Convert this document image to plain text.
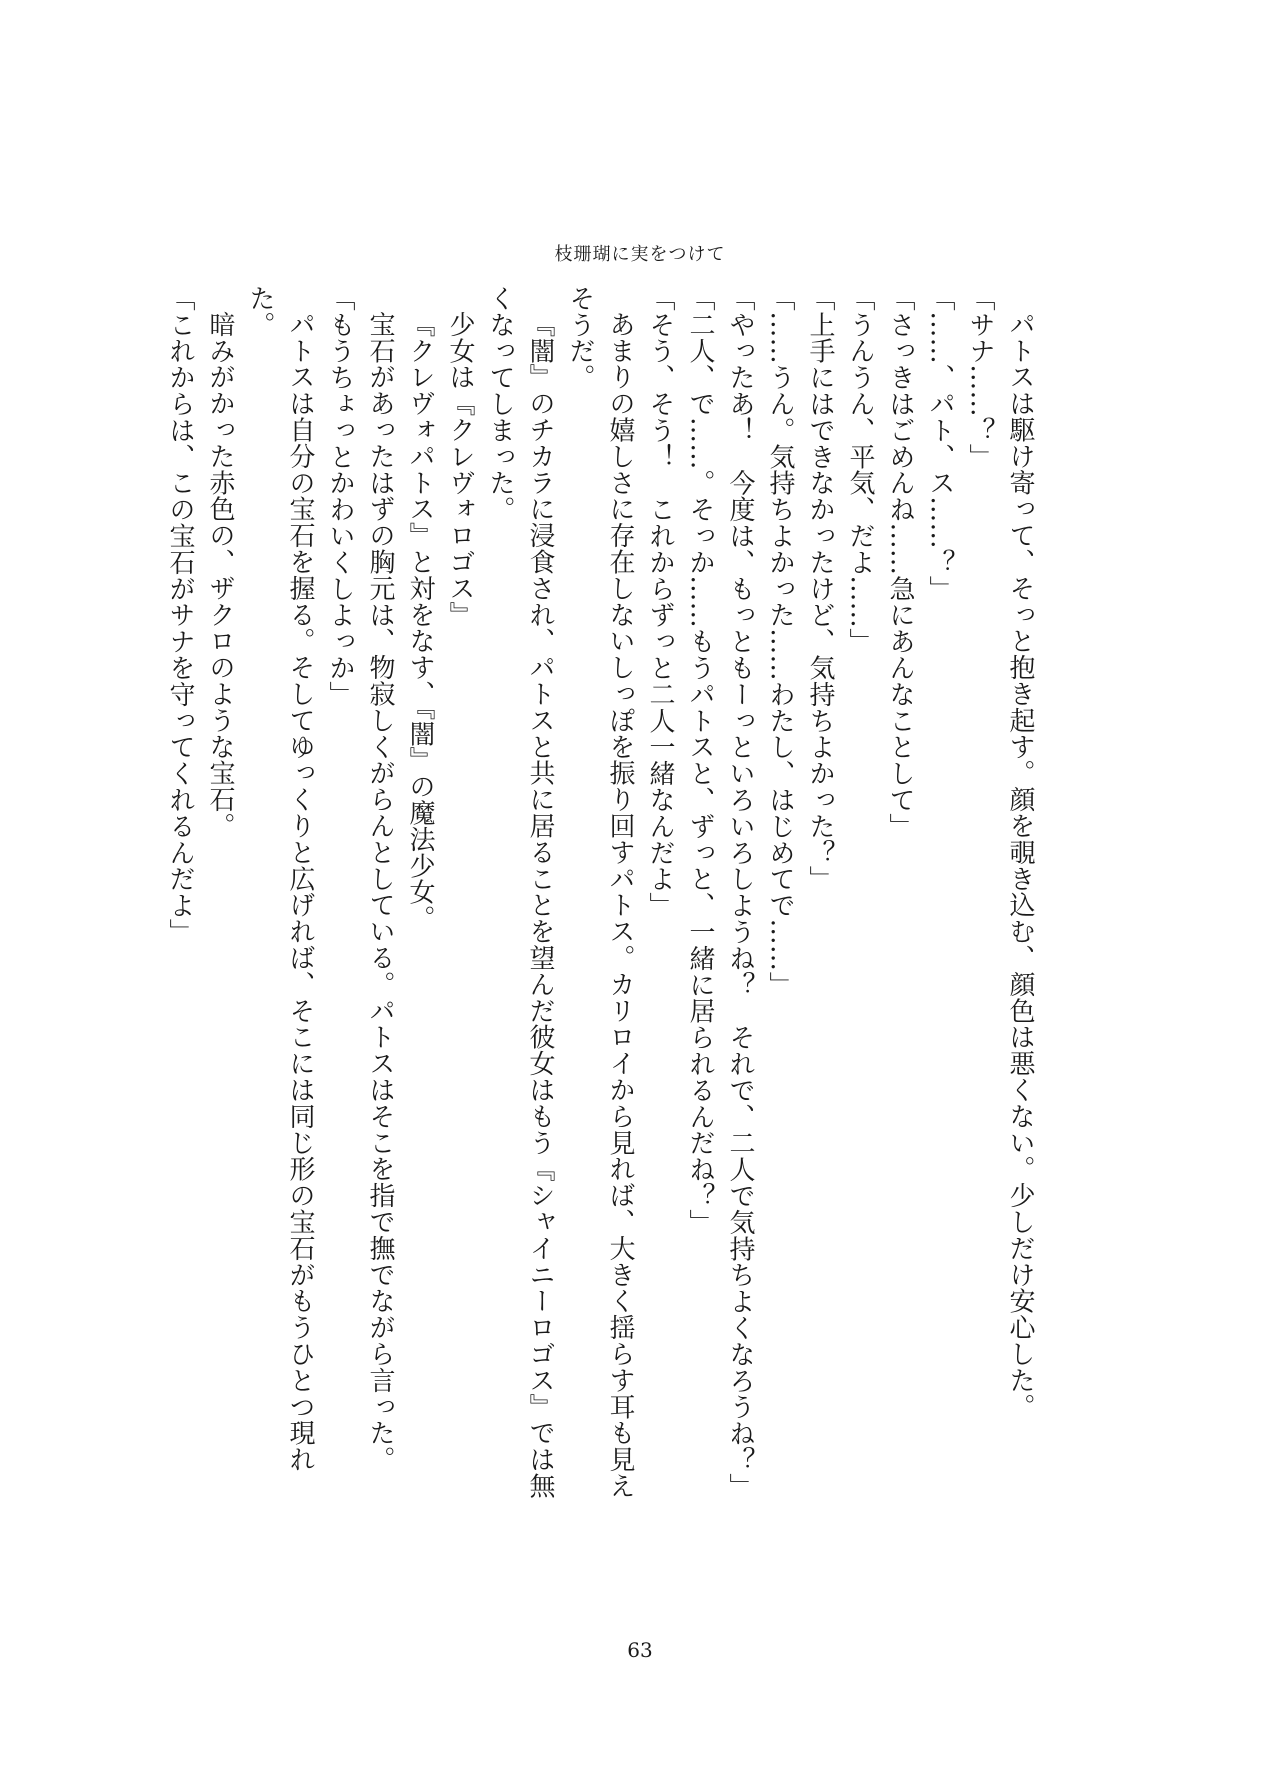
枝珊瑚に実をつけて

パトスは駆け寄って、そっと抱き起す。顔を覗き込む、顔色は悪くない。少しだけ安心した。

「サナ……？」

「……、パト、ス……？」

「さっきはごめんね……急にあんなことして」

「うんうん、平気、だよ……」

「上手にはできなかったけど、気持ちよかった？」

「……うん。気持ちよかった……わたし、はじめてで……」

「やったあ！　今度は、もっともーっといろいろしようね？　それで、二人で気持ちよくなろうね？」

「二人、で……。そっか……もうパトスと、ずっと、一緒に居られるんだね？」

「そう、そう！　これからずっと二人一緒なんだよ」

あまりの嬉しさに存在しないしっぽを振り回すパトス。カリロイから見れば、大きく揺らす耳も見えそうだ。

『闇』のチカラに浸食され、パトスと共に居ることを望んだ彼女はもう『シャイニーロゴス』では無くなってしまった。

少女は『クレヴォロゴス』

『クレヴォパトス』と対をなす、『闇』の魔法少女。

宝石があったはずの胸元は、物寂しくがらんとしている。パトスはそこを指で撫でながら言った。

「もうちょっとかわいくしよっか」

パトスは自分の宝石を握る。そしてゆっくりと広げれば、そこには同じ形の宝石がもうひとつ現れた。

暗みがかった赤色の、ザクロのような宝石。

「これからは、この宝石がサナを守ってくれるんだよ」

63
